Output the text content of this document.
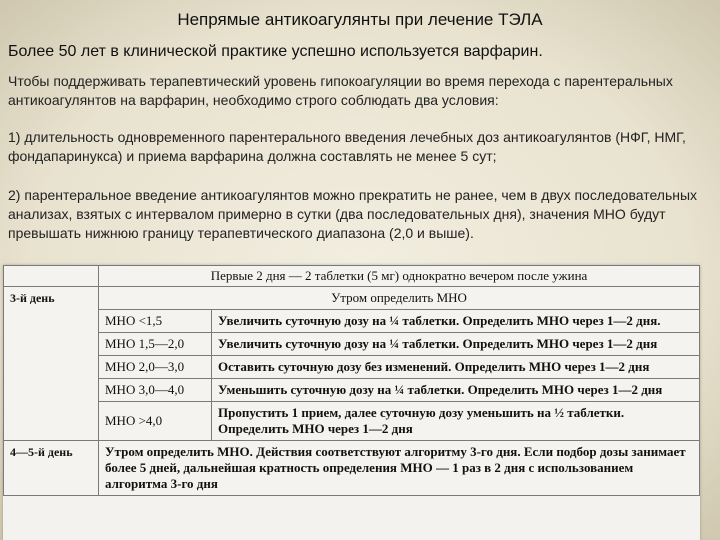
Непрямые антикоагулянты при лечение ТЭЛА
Более 50 лет в клинической практике успешно используется варфарин.
Чтобы поддерживать терапевтический уровень гипокоагуляции во время перехода с парентеральных антикоагулянтов на варфарин, необходимо строго соблюдать два условия:
1) длительность одновременного парентерального введения лечебных доз антикоагулянтов (НФГ, НМГ, фондапаринукса) и приема варфарина должна составлять не менее 5 сут;
2) парентеральное введение антикоагулянтов можно прекратить не ранее, чем в двух последовательных анализах, взятых с интервалом примерно в сутки (два последовательных дня), значения МНО будут превышать нижнюю границу терапевтического диапазона (2,0 и выше).
	Первые 2 дня — 2 таблетки (5 мг) однократно вечером после ужина	
3-й день	Утром определить МНО	
	МНО <1,5	Увеличить суточную дозу на ¼ таблетки. Определить МНО через 1—2 дня.
	МНО 1,5—2,0	Увеличить суточную дозу на ¼ таблетки. Определить МНО через 1—2 дня
	МНО 2,0—3,0	Оставить суточную дозу без изменений. Определить МНО через 1—2 дня
	МНО 3,0—4,0	Уменьшить суточную дозу на ¼ таблетки. Определить МНО через 1—2 дня
	МНО >4,0	Пропустить 1 прием, далее суточную дозу уменьшить на ½ таблетки. Определить МНО через 1—2 дня
4—5-й день	Утром определить МНО. Действия соответствуют алгоритму 3-го дня. Если подбор дозы занимает более 5 дней, дальнейшая кратность определения МНО — 1 раз в 2 дня с использованием алгоритма 3-го дня	
